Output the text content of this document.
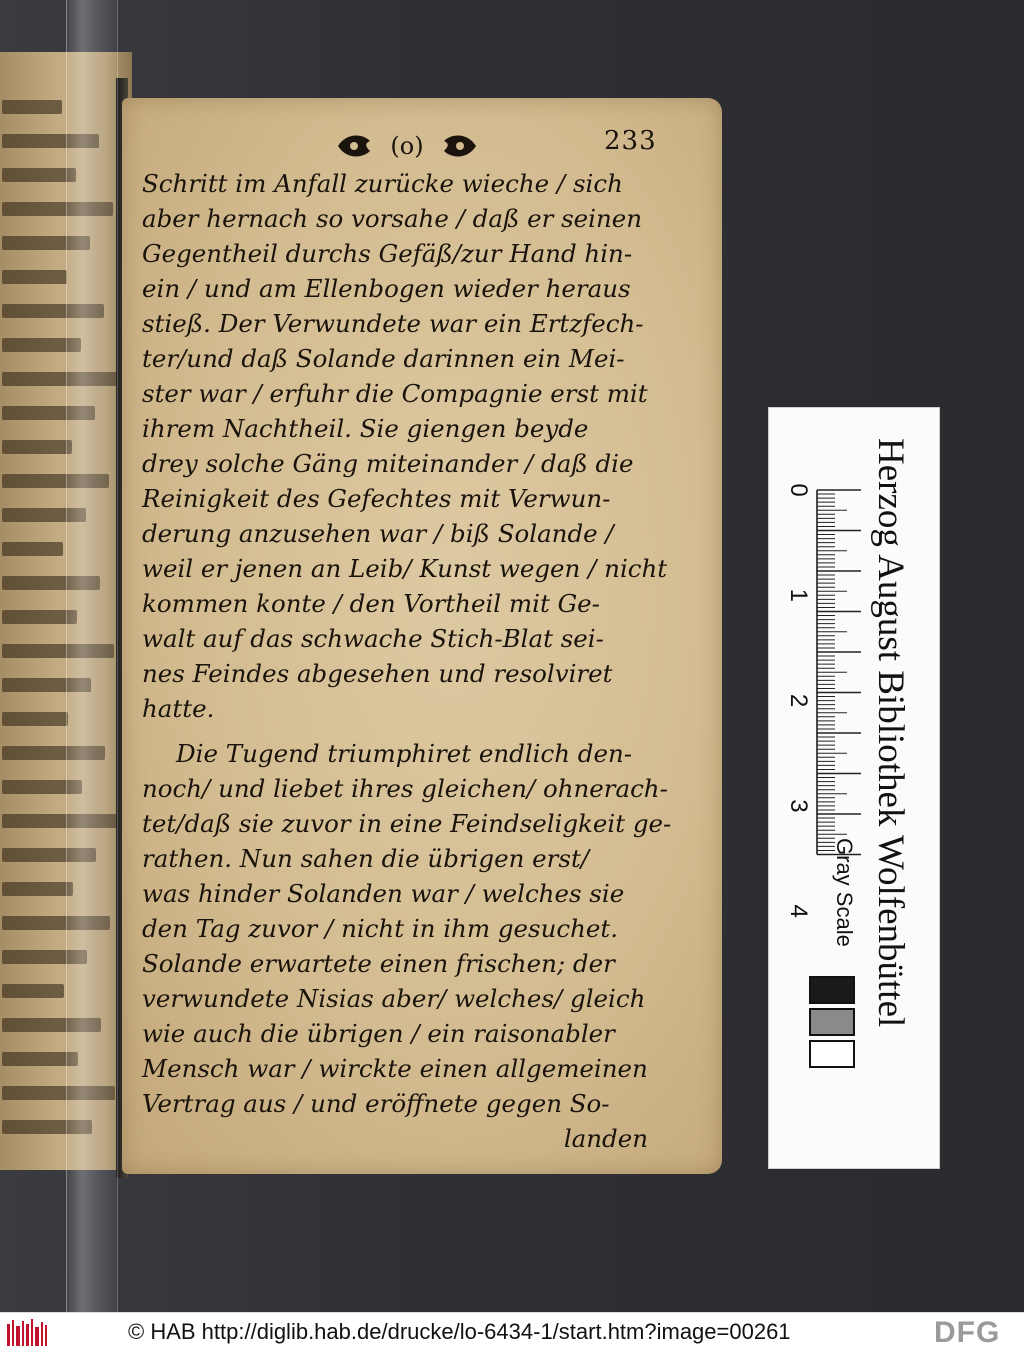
(o)	233
Schritt im Anfall zurücke wieche / sich
aber hernach so vorsahe / daß er seinen
Gegentheil durchs Gefäß/zur Hand hin-
ein / und am Ellenbogen wieder heraus
stieß. Der Verwundete war ein Ertzfech-
ter/und daß Solande darinnen ein Mei-
ster war / erfuhr die Compagnie erst mit
ihrem Nachtheil. Sie giengen beyde
drey solche Gäng miteinander / daß die
Reinigkeit des Gefechtes mit Verwun-
derung anzusehen war / biß Solande /
weil er jenen an Leib/ Kunst wegen / nicht
kommen konte / den Vortheil mit Ge-
walt auf das schwache Stich-Blat sei-
nes Feindes abgesehen und resolviret
hatte.
Die Tugend triumphiret endlich den-
noch/ und liebet ihres gleichen/ ohnerach-
tet/daß sie zuvor in eine Feindseligkeit ge-
rathen. Nun sahen die übrigen erst/
was hinder Solanden war / welches sie
den Tag zuvor / nicht in ihm gesuchet.
Solande erwartete einen frischen; der
verwundete Nisias aber/ welches/ gleich
wie auch die übrigen / ein raisonabler
Mensch war / wirckte einen allgemeinen
Vertrag aus / und eröffnete gegen So-
landen
0
1
2
3
4 Herzog August Bibliothek Wolfenbüttel
Gray Scale
© HAB http://diglib.hab.de/drucke/lo-6434-1/start.htm?image=00261	DFG
